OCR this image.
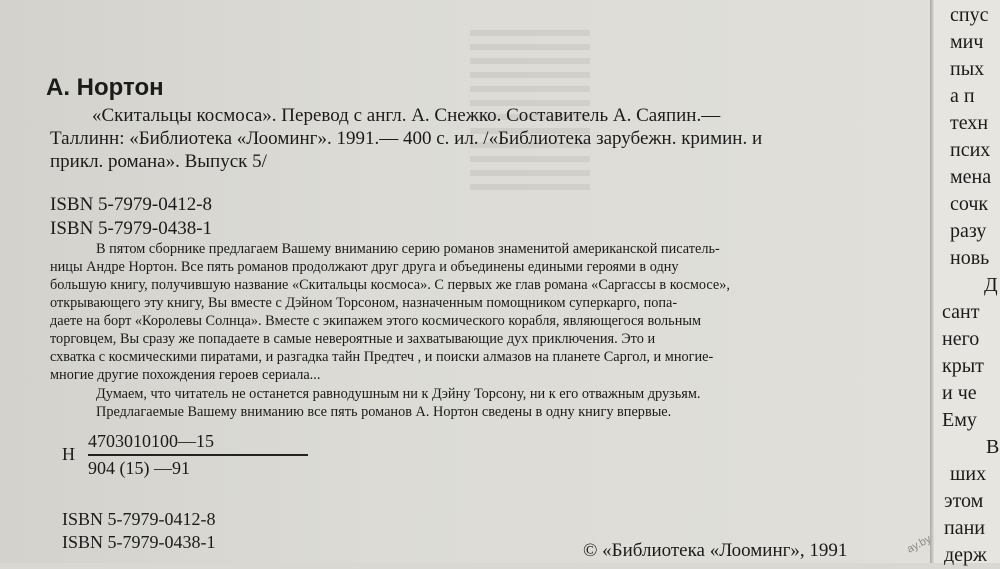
А. Нортон

«Скитальцы космоса». Перевод с англ. А. Снежко. Составитель А. Саяпин.—

Таллинн: «Библиотека «Лооминг». 1991.— 400 с. ил. /«Библиотека зарубежн. кримин. и

прикл. романа». Выпуск 5/

ISBN 5-7979-0412-8
ISBN 5-7979-0438-1

В пятом сборнике предлагаем Вашему вниманию серию романов знаменитой американской писатель-

ницы Андре Нортон. Все пять романов продолжают друг друга и объединены едиными героями в одну

большую книгу, получившую название «Скитальцы космоса». С первых же глав романа «Саргассы в космосе»,

открывающего эту книгу, Вы вместе с Дэйном Торсоном, назначенным помощником суперкарго, попа-

даете на борт «Королевы Солнца». Вместе с экипажем этого космического корабля, являющегося вольным

торговцем, Вы сразу же попадаете в самые невероятные и захватывающие дух приключения. Это и

схватка с космическими пиратами, и разгадка тайн Предтеч , и поиски алмазов на планете Саргол, и многие-

многие другие похождения героев сериала...

Думаем, что читатель не останется равнодушным ни к Дэйну Торсону, ни к его отважным друзьям.

Предлагаемые Вашему вниманию все пять романов А. Нортон сведены в одну книгу впервые.

Н
4703010100—15
904 (15) —91
ISBN 5-7979-0412-8
ISBN 5-7979-0438-1	© «Библиотека «Лооминг», 1991
спус
мич
пых
а п
техн
псих
мена
сочк
разу
новь
Д
сант
него
крыт
и че
Ему
В
ших
этом
пани
держ
ay.by
